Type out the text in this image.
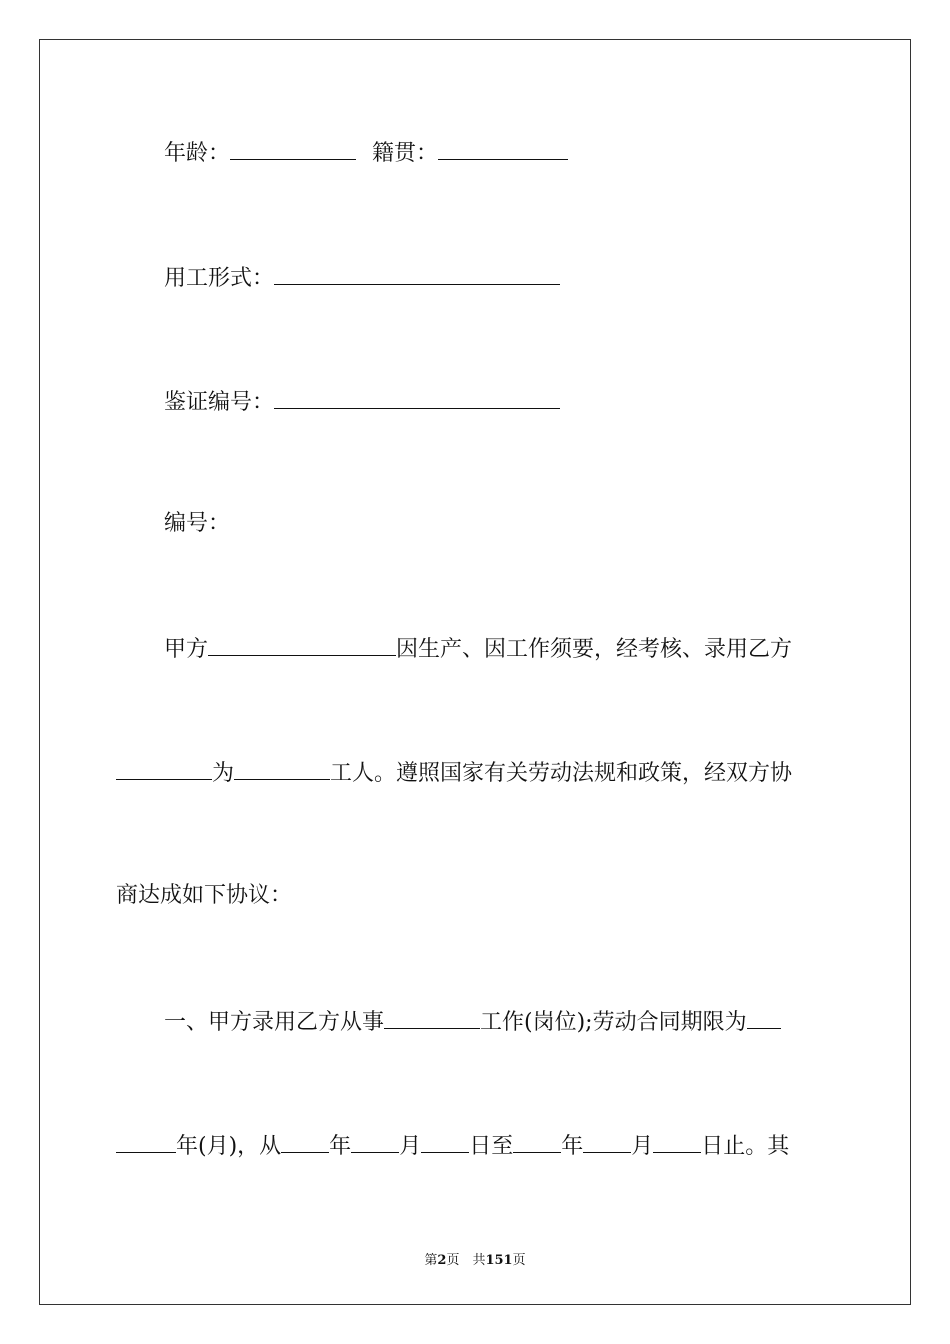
年龄：	籍贯：
用工形式：
鉴证编号：
编号：
甲方	因生产、因工作须要，经考核、录用乙方
为	工人。遵照国家有关劳动法规和政策，经双方协
商达成如下协议：
一、甲方录用乙方从事	工作(岗位);劳动合同期限为
年(月)，从 年 月 日至 年 月 日止。其
第2页　共151页
